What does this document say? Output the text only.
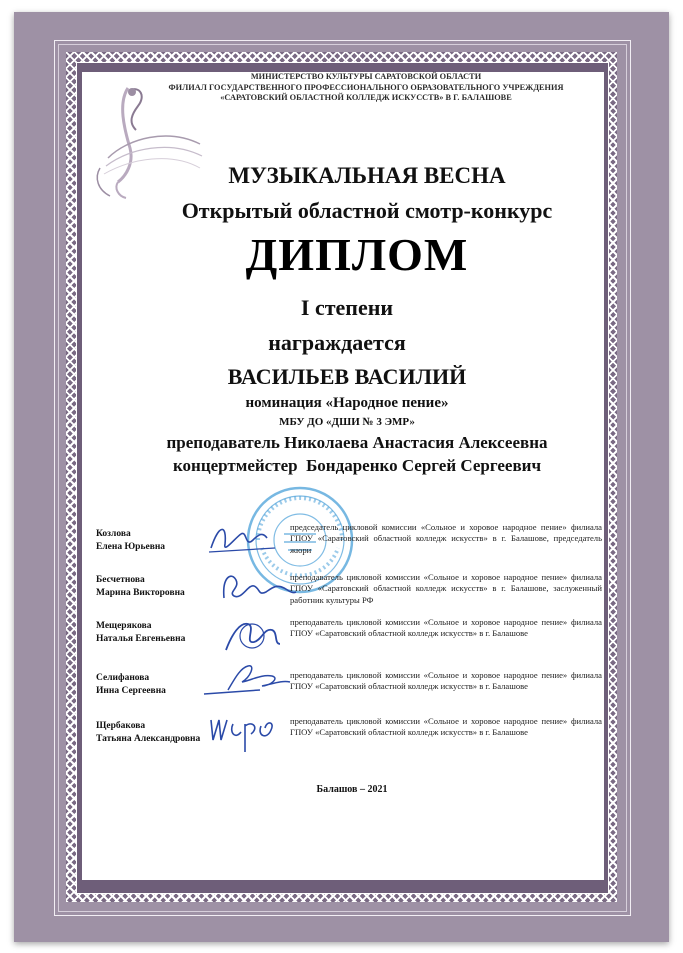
МИНИСТЕРСТВО КУЛЬТУРЫ САРАТОВСКОЙ ОБЛАСТИ
ФИЛИАЛ ГОСУДАРСТВЕННОГО ПРОФЕССИОНАЛЬНОГО ОБРАЗОВАТЕЛЬНОГО УЧРЕЖДЕНИЯ
«САРАТОВСКИЙ ОБЛАСТНОЙ КОЛЛЕДЖ ИСКУССТВ» В Г. БАЛАШОВЕ
МУЗЫКАЛЬНАЯ ВЕСНА
Открытый областной смотр-конкурс
ДИПЛОМ
I степени
награждается
ВАСИЛЬЕВ ВАСИЛИЙ
номинация «Народное пение»
МБУ ДО «ДШИ № 3 ЭМР»
преподаватель Николаева Анастасия Алексеевна
концертмейстер  Бондаренко Сергей Сергеевич
Козлова
Елена Юрьевна
председатель цикловой комиссии «Сольное и хоровое народное пение» филиала ГПОУ «Саратовский областной колледж искусств» в г. Балашове, председатель жюри
Бесчетнова
Марина Викторовна
преподаватель цикловой комиссии «Сольное и хоровое народное пение» филиала ГПОУ «Саратовский областной колледж искусств» в г. Балашове, заслуженный работник культуры РФ
Мещерякова
Наталья Евгеньевна
преподаватель цикловой комиссии «Сольное и хоровое народное пение» филиала ГПОУ «Саратовский областной колледж искусств» в г. Балашове
Селифанова
Инна Сергеевна
преподаватель цикловой комиссии «Сольное и хоровое народное пение» филиала ГПОУ «Саратовский областной колледж искусств» в г. Балашове
Щербакова
Татьяна Александровна
преподаватель цикловой комиссии «Сольное и хоровое народное пение» филиала ГПОУ «Саратовский областной колледж искусств» в г. Балашове
Балашов – 2021
